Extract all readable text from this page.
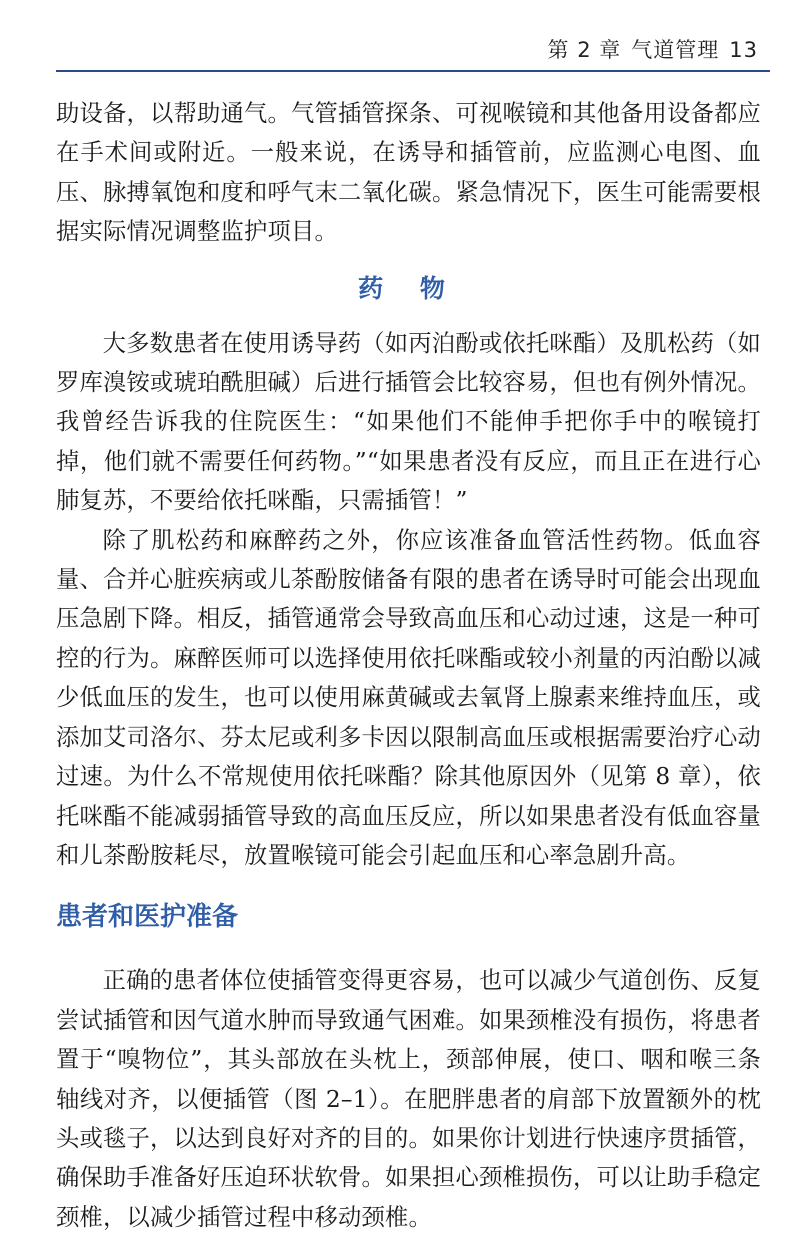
第 2 章 气道管理 13

助设备，以帮助通气。气管插管探条、可视喉镜和其他备用设备都应在手术间或附近。一般来说，在诱导和插管前，应监测心电图、血压、脉搏氧饱和度和呼气末二氧化碳。紧急情况下，医生可能需要根据实际情况调整监护项目。

药 物

大多数患者在使用诱导药（如丙泊酚或依托咪酯）及肌松药（如罗库溴铵或琥珀酰胆碱）后进行插管会比较容易，但也有例外情况。我曾经告诉我的住院医生：“如果他们不能伸手把你手中的喉镜打掉，他们就不需要任何药物。”“如果患者没有反应，而且正在进行心肺复苏，不要给依托咪酯，只需插管！”

除了肌松药和麻醉药之外，你应该准备血管活性药物。低血容量、合并心脏疾病或儿茶酚胺储备有限的患者在诱导时可能会出现血压急剧下降。相反，插管通常会导致高血压和心动过速，这是一种可控的行为。麻醉医师可以选择使用依托咪酯或较小剂量的丙泊酚以减少低血压的发生，也可以使用麻黄碱或去氧肾上腺素来维持血压，或添加艾司洛尔、芬太尼或利多卡因以限制高血压或根据需要治疗心动过速。为什么不常规使用依托咪酯？除其他原因外（见第 8 章），依托咪酯不能减弱插管导致的高血压反应，所以如果患者没有低血容量和儿茶酚胺耗尽，放置喉镜可能会引起血压和心率急剧升高。

患者和医护准备

正确的患者体位使插管变得更容易，也可以减少气道创伤、反复尝试插管和因气道水肿而导致通气困难。如果颈椎没有损伤，将患者置于“嗅物位”，其头部放在头枕上，颈部伸展，使口、咽和喉三条轴线对齐，以便插管（图 2–1）。在肥胖患者的肩部下放置额外的枕头或毯子，以达到良好对齐的目的。如果你计划进行快速序贯插管，确保助手准备好压迫环状软骨。如果担心颈椎损伤，可以让助手稳定颈椎，以减少插管过程中移动颈椎。
